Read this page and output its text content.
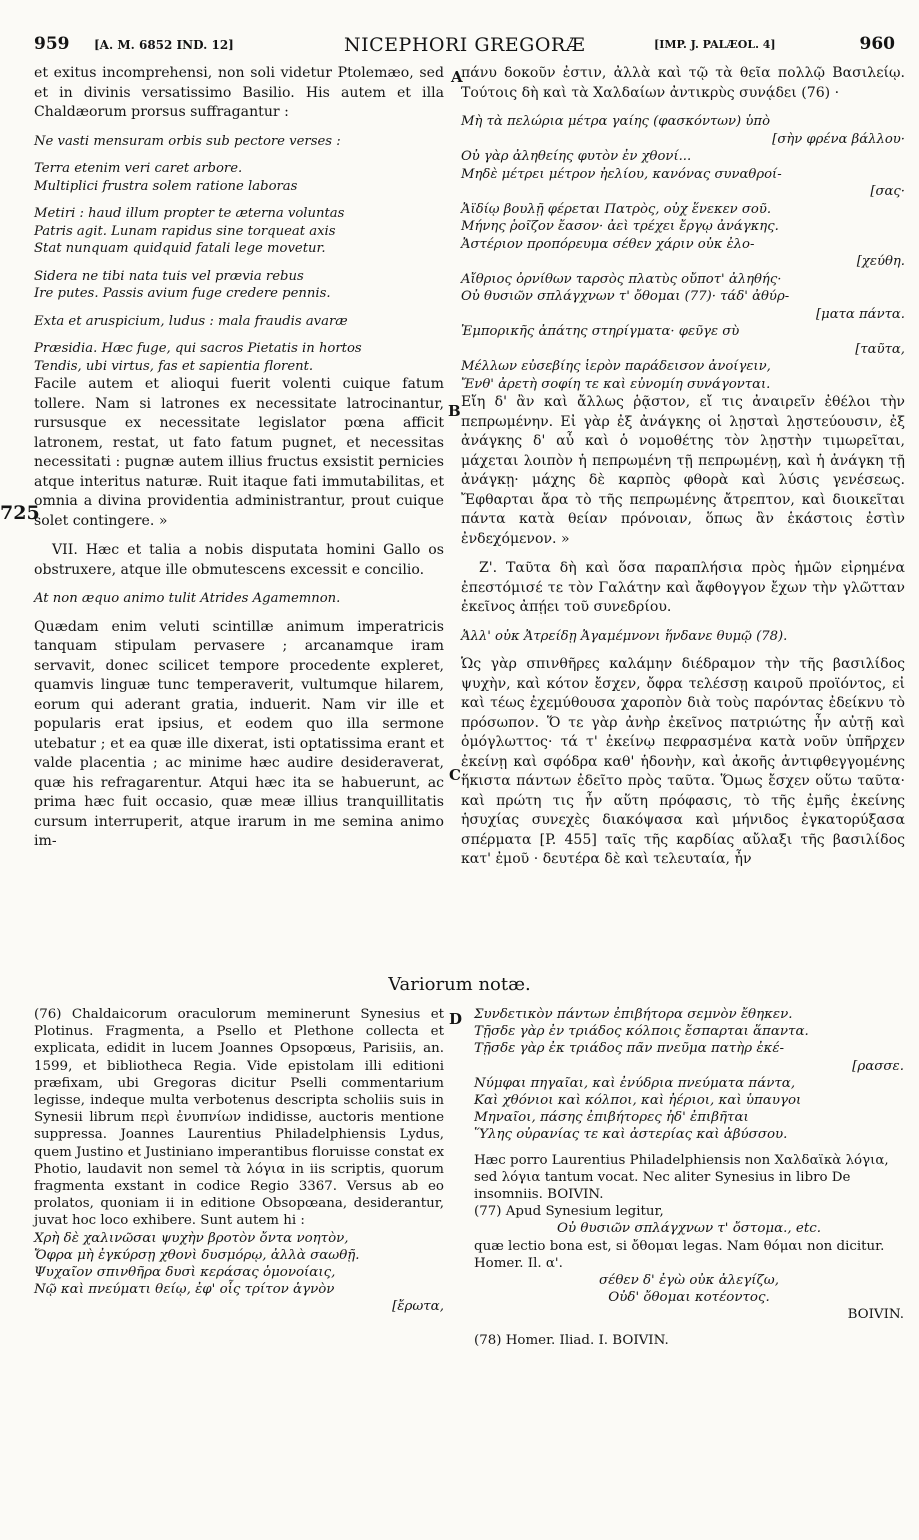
959 [A. M. 6852 IND. 12]	NICEPHORI GREGORÆ	[IMP. J. PALÆOL. 4]	960
A
B
C
725

et exitus incomprehensi, non soli videtur Ptolemæo, sed et in divinis versatissimo Basilio. His autem et illa Chaldæorum prorsus suffragantur :

Ne vasti mensuram orbis sub pectore verses :

Terra etenim veri caret arbore.

Multiplici frustra solem ratione laboras

Metiri : haud illum propter te æterna voluntas

Patris agit. Lunam rapidus sine torqueat axis

Stat nunquam quidquid fatali lege movetur.

Sidera ne tibi nata tuis vel prævia rebus

Ire putes. Passis avium fuge credere pennis.

Exta et aruspicium, ludus : mala fraudis avaræ

Præsidia. Hæc fuge, qui sacros Pietatis in hortos

Tendis, ubi virtus, fas et sapientia florent.

Facile autem et alioqui fuerit volenti cuique fatum tollere. Nam si latrones ex necessitate latrocinantur, rursusque ex necessitate legislator pœna afficit latronem, restat, ut fato fatum pugnet, et necessitas necessitati : pugnæ autem illius fructus exsistit pernicies atque interitus naturæ. Ruit itaque fati immutabilitas, et omnia a divina providentia administrantur, prout cuique solet contingere. »

VII. Hæc et talia a nobis disputata homini Gallo os obstruxere, atque ille obmutescens excessit e concilio.

At non æquo animo tulit Atrides Agamemnon.

Quædam enim veluti scintillæ animum imperatricis tanquam stipulam pervasere ; arcanamque iram servavit, donec scilicet tempore procedente expleret, quamvis linguæ tunc temperaverit, vultumque hilarem, eorum qui aderant gratia, induerit. Nam vir ille et popularis erat ipsius, et eodem quo illa sermone utebatur ; et ea quæ ille dixerat, isti optatissima erant et valde placentia ; ac minime hæc audire desideraverat, quæ his refragarentur. Atqui hæc ita se habuerunt, ac prima hæc fuit occasio, quæ meæ illius tranquillitatis cursum interruperit, atque irarum in me semina animo im-

πάνυ δοκοῦν ἐστιν, ἀλλὰ καὶ τῷ τὰ θεῖα πολλῷ Βασιλείῳ. Τούτοις δὴ καὶ τὰ Χαλδαίων ἀντικρὺς συνᾴδει (76) ·

Μὴ τὰ πελώρια μέτρα γαίης (φασκόντων) ὑπὸ

[σὴν φρένα βάλλου·

Οὐ γὰρ ἀληθείης φυτὸν ἐν χθονί...

Μηδὲ μέτρει μέτρον ἠελίου, κανόνας συναθροί-

[σας·

Ἀϊδίῳ βουλῇ φέρεται Πατρὸς, οὐχ ἕνεκεν σοῦ.

Μήνης ῥοῖζον ἔασον· ἀεὶ τρέχει ἔργῳ ἀνάγκης.

Ἀστέριον προπόρευμα σέθεν χάριν οὐκ ἐλο-

[χεύθη.

Αἴθριος ὀρνίθων ταρσὸς πλατὺς οὔποτ' ἀληθής·

Οὐ θυσιῶν σπλάγχνων τ' ὄθομαι (77)· τάδ' ἀθύρ-

[ματα πάντα.

Ἐμπορικῆς ἀπάτης στηρίγματα· φεῦγε σὺ

[ταῦτα,

Μέλλων εὐσεβίης ἱερὸν παράδεισον ἀνοίγειν,

Ἔνθ' ἀρετὴ σοφίη τε καὶ εὐνομίη συνάγονται.

Εἴη δ' ἂν καὶ ἄλλως ῥᾷστον, εἴ τις ἀναιρεῖν ἐθέλοι τὴν πεπρωμένην. Εἰ γὰρ ἐξ ἀνάγκης οἱ λῃσταὶ λῃστεύουσιν, ἐξ ἀνάγκης δ' αὖ καὶ ὁ νομοθέτης τὸν λῃστὴν τιμωρεῖται, μάχεται λοιπὸν ἡ πεπρωμένη τῇ πεπρωμένῃ, καὶ ἡ ἀνάγκη τῇ ἀνάγκῃ· μάχης δὲ καρπὸς φθορὰ καὶ λύσις γενέσεως. Ἔφθαρται ἄρα τὸ τῆς πεπρωμένης ἄτρεπτον, καὶ διοικεῖται πάντα κατὰ θείαν πρόνοιαν, ὅπως ἂν ἑκάστοις ἐστὶν ἐνδεχόμενον. »

Ζ'. Ταῦτα δὴ καὶ ὅσα παραπλήσια πρὸς ἡμῶν εἰρημένα ἐπεστόμισέ τε τὸν Γαλάτην καὶ ἄφθογγον ἔχων τὴν γλῶτταν ἐκεῖνος ἀπῄει τοῦ συνεδρίου.

Ἀλλ' οὐκ Ἀτρείδῃ Ἀγαμέμνονι ἥνδανε θυμῷ (78).

Ὡς γὰρ σπινθῆρες καλάμην διέδραμον τὴν τῆς βασιλίδος ψυχὴν, καὶ κότον ἔσχεν, ὄφρα τελέσσῃ καιροῦ προϊόντος, εἰ καὶ τέως ἐχεμύθουσα χαροπὸν διὰ τοὺς παρόντας ἐδείκνυ τὸ πρόσωπον. Ὅ τε γὰρ ἀνὴρ ἐκεῖνος πατριώτης ἦν αὐτῇ καὶ ὁμόγλωττος· τά τ' ἐκείνῳ πεφρασμένα κατὰ νοῦν ὑπῆρχεν ἐκείνῃ καὶ σφόδρα καθ' ἡδονὴν, καὶ ἀκοῆς ἀντιφθεγγομένης ἥκιστα πάντων ἐδεῖτο πρὸς ταῦτα. Ὅμως ἔσχεν οὕτω ταῦτα· καὶ πρώτη τις ἦν αὕτη πρόφασις, τὸ τῆς ἐμῆς ἐκείνης ἡσυχίας συνεχὲς διακόψασα καὶ μήνιδος ἐγκατορύξασα σπέρματα [P. 455] ταῖς τῆς καρδίας αὔλαξι τῆς βασιλίδος κατ' ἐμοῦ · δευτέρα δὲ καὶ τελευταία, ἦν

Variorum notæ.
D

(76) Chaldaicorum oraculorum meminerunt Synesius et Plotinus. Fragmenta, a Psello et Plethone collecta et explicata, edidit in lucem Joannes Opsopœus, Parisiis, an. 1599, et bibliotheca Regia. Vide epistolam illi editioni præfixam, ubi Gregoras dicitur Pselli commentarium legisse, indeque multa verbotenus descripta scholiis suis in Synesii librum περὶ ἐνυπνίων indidisse, auctoris mentione suppressa. Joannes Laurentius Philadelphiensis Lydus, quem Justino et Justiniano imperantibus floruisse constat ex Photio, laudavit non semel τὰ λόγια in iis scriptis, quorum fragmenta exstant in codice Regio 3367. Versus ab eo prolatos, quoniam ii in editione Obsopœana, desiderantur, juvat hoc loco exhibere. Sunt autem hi :

Χρὴ δὲ χαλινῶσαι ψυχὴν βροτὸν ὄντα νοητὸν,

Ὄφρα μὴ ἐγκύρσῃ χθονὶ δυσμόρῳ, ἀλλὰ σαωθῇ.

Ψυχαῖον σπινθῆρα δυσὶ κεράσας ὁμονοίαις,

Νῷ καὶ πνεύματι θείῳ, ἐφ' οἷς τρίτον ἁγνὸν

[ἔρωτα,

Συνδετικὸν πάντων ἐπιβήτορα σεμνὸν ἔθηκεν.

Τῇσδε γὰρ ἐν τριάδος κόλποις ἔσπαρται ἅπαντα.

Τῇσδε γὰρ ἐκ τριάδος πᾶν πνεῦμα πατὴρ ἐκέ-

[ρασσε.

Νύμφαι πηγαῖαι, καὶ ἐνύδρια πνεύματα πάντα,

Καὶ χθόνιοι καὶ κόλποι, καὶ ἠέριοι, καὶ ὑπαυγοι

Μηναῖοι, πάσης ἐπιβήτορες ἠδ' ἐπιβῆται

Ὕλης οὐρανίας τε καὶ ἀστερίας καὶ ἀβύσσου.

Hæc porro Laurentius Philadelphiensis non Χαλδαϊκὰ λόγια, sed λόγια tantum vocat. Nec aliter Synesius in libro De insomniis. BOIVIN.

(77) Apud Synesium legitur,

Οὐ θυσιῶν σπλάγχνων τ' ὄστομα., etc.

quæ lectio bona est, si ὄθομαι legas. Nam θόμαι non dicitur. Homer. Il. α'.

σέθεν δ' ἐγὼ οὐκ ἀλεγίζω,

Οὐδ' ὄθομαι κοτέοντος.

BOIVIN.

(78) Homer. Iliad. I. BOIVIN.
